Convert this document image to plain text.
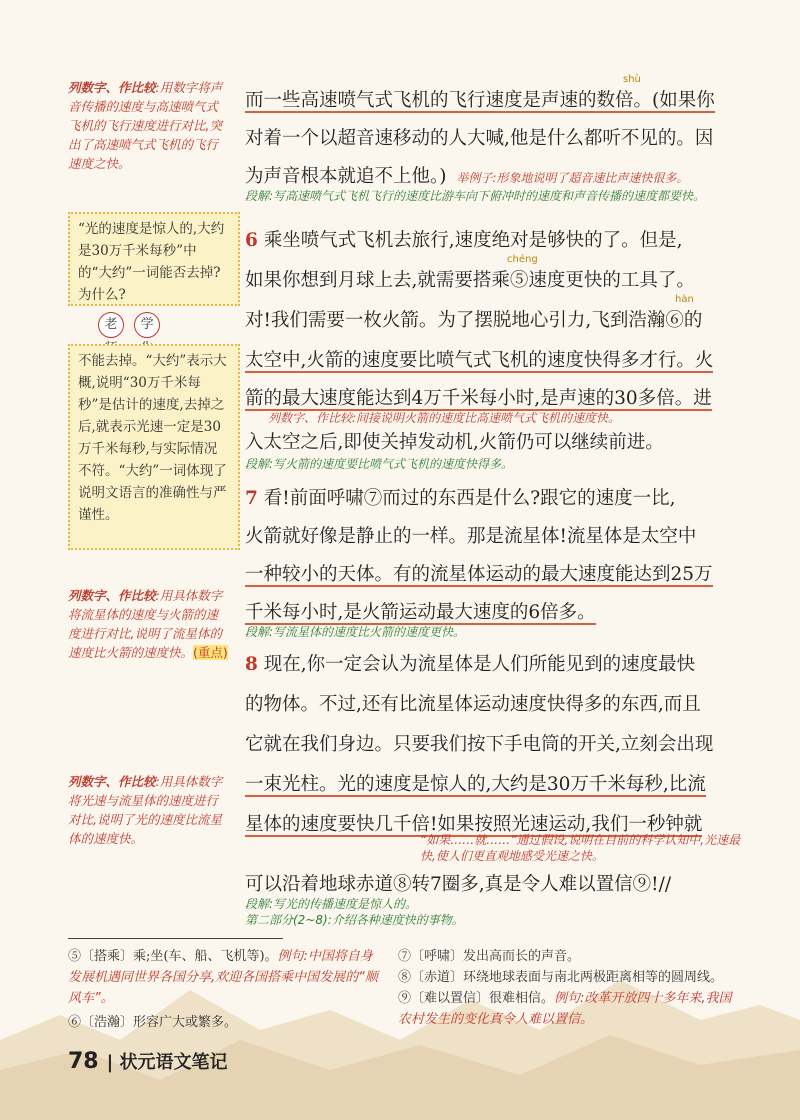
列数字、作比较:用数字将声音传播的速度与高速喷气式飞机的飞行速度进行对比,突出了高速喷气式飞机的飞行速度之快。
“光的速度是惊人的,大约是30万千米每秒”中的“大约”一词能否去掉?为什么?
老 学
不能去掉。“大约”表示大概,说明“30万千米每秒”是估计的速度,去掉之后,就表示光速一定是30万千米每秒,与实际情况不符。“大约”一词体现了说明文语言的准确性与严谨性。
列数字、作比较:用具体数字将流星体的速度与火箭的速度进行对比,说明了流星体的速度比火箭的速度快。(重点)
列数字、作比较:用具体数字将光速与流星体的速度进行对比,说明了光的速度比流星体的速度快。
而一些高速喷气式飞机的飞行速度是声速的数倍。(如果你
shù
对着一个以超音速移动的人大喊,他是什么都听不见的。因
为声音根本就追不上他。) 举例子:形象地说明了超音速比声速快很多。
段解:写高速喷气式飞机飞行的速度比游车向下俯冲时的速度和声音传播的速度都要快。
6 乘坐喷气式飞机去旅行,速度绝对是够快的了。但是,
如果你想到月球上去,就需要搭乘⑤速度更快的工具了。
chéng
对!我们需要一枚火箭。为了摆脱地心引力,飞到浩瀚⑥的
hàn
太空中,火箭的速度要比喷气式飞机的速度快得多才行。火
箭的最大速度能达到4万千米每小时,是声速的30多倍。进
列数字、作比较:间接说明火箭的速度比高速喷气式飞机的速度快。
入太空之后,即使关掉发动机,火箭仍可以继续前进。
段解:写火箭的速度要比喷气式飞机的速度快得多。
7 看!前面呼啸⑦而过的东西是什么?跟它的速度一比,
火箭就好像是静止的一样。那是流星体!流星体是太空中
一种较小的天体。有的流星体运动的最大速度能达到25万
千米每小时,是火箭运动最大速度的6倍多。
段解:写流星体的速度比火箭的速度更快。
8 现在,你一定会认为流星体是人们所能见到的速度最快
的物体。不过,还有比流星体运动速度快得多的东西,而且
它就在我们身边。只要我们按下手电筒的开关,立刻会出现
一束光柱。光的速度是惊人的,大约是30万千米每秒,比流
星体的速度要快几千倍!如果按照光速运动,我们一秒钟就
“如果……就……”通过假设,说明在目前的科学认知中,光速最快,使人们更直观地感受光速之快。
可以沿着地球赤道⑧转7圈多,真是令人难以置信⑨!//
段解:写光的传播速度是惊人的。
第二部分(2~8):介绍各种速度快的事物。
⑤〔搭乘〕乘;坐(车、船、飞机等)。例句:中国将自身发展机遇同世界各国分享,欢迎各国搭乘中国发展的“顺风车”。
⑥〔浩瀚〕形容广大或繁多。
⑦〔呼啸〕发出高而长的声音。
⑧〔赤道〕环绕地球表面与南北两极距离相等的圆周线。
⑨〔难以置信〕很难相信。例句:改革开放四十多年来,我国农村发生的变化真令人难以置信。
78 | 状元语文笔记
